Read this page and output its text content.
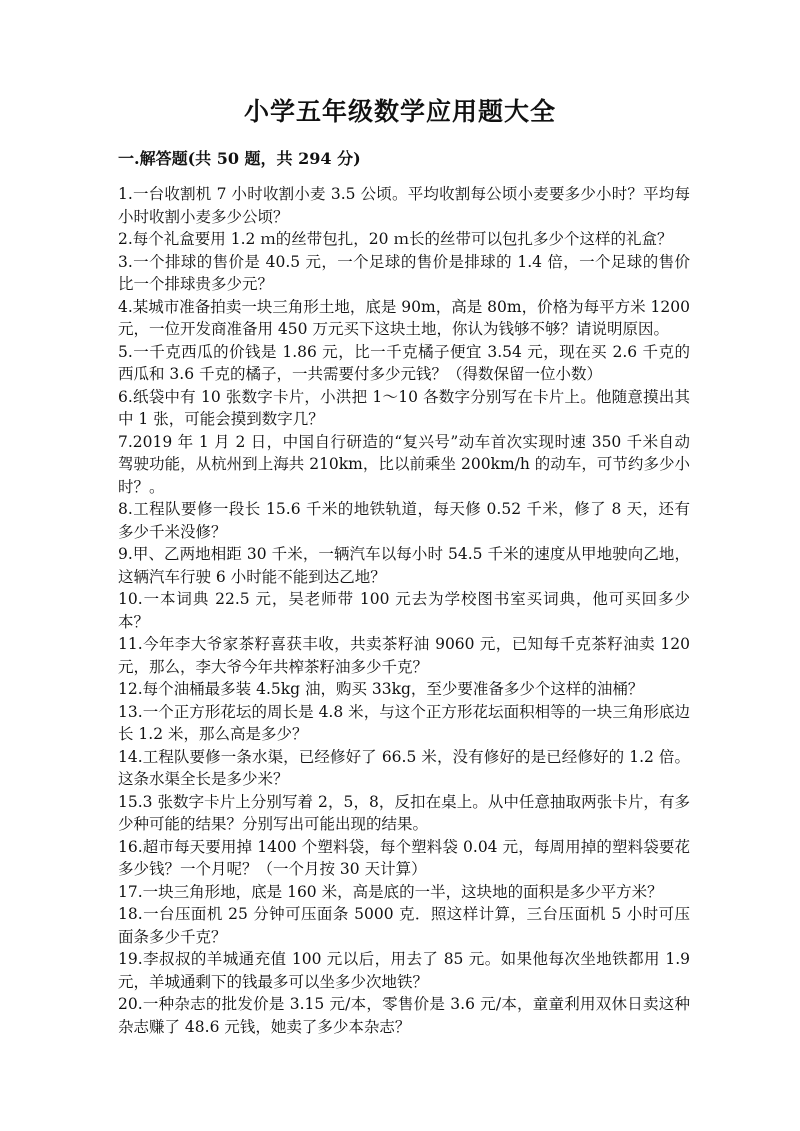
小学五年级数学应用题大全
一.解答题(共 50 题，共 294 分)
1.一台收割机 7 小时收割小麦 3.5 公顷。平均收割每公顷小麦要多少小时？平均每小时收割小麦多少公顷？
2.每个礼盒要用 1.2 ｍ的丝带包扎，20 ｍ长的丝带可以包扎多少个这样的礼盒？
3.一个排球的售价是 40.5 元，一个足球的售价是排球的 1.4 倍，一个足球的售价比一个排球贵多少元？
4.某城市准备拍卖一块三角形土地，底是 90m，高是 80m，价格为每平方米 1200 元，一位开发商准备用 450 万元买下这块土地，你认为钱够不够？请说明原因。
5.一千克西瓜的价钱是 1.86 元，比一千克橘子便宜 3.54 元，现在买 2.6 千克的西瓜和 3.6 千克的橘子，一共需要付多少元钱？（得数保留一位小数）
6.纸袋中有 10 张数字卡片，小洪把 1～10 各数字分别写在卡片上。他随意摸出其中 1 张，可能会摸到数字几？
7.2019 年 1 月 2 日，中国自行研造的“复兴号”动车首次实现时速 350 千米自动驾驶功能，从杭州到上海共 210km，比以前乘坐 200km/h 的动车，可节约多少小时？。
8.工程队要修一段长 15.6 千米的地铁轨道，每天修 0.52 千米，修了 8 天，还有多少千米没修？
9.甲、乙两地相距 30 千米，一辆汽车以每小时 54.5 千米的速度从甲地驶向乙地，这辆汽车行驶 6 小时能不能到达乙地？
10.一本词典 22.5 元，吴老师带 100 元去为学校图书室买词典，他可买回多少本？
11.今年李大爷家茶籽喜获丰收，共卖茶籽油 9060 元，已知每千克茶籽油卖 120 元，那么，李大爷今年共榨茶籽油多少千克？
12.每个油桶最多装 4.5kg 油，购买 33kg，至少要准备多少个这样的油桶？
13.一个正方形花坛的周长是 4.8 米，与这个正方形花坛面积相等的一块三角形底边长 1.2 米，那么高是多少？
14.工程队要修一条水渠，已经修好了 66.5 米，没有修好的是已经修好的 1.2 倍。这条水渠全长是多少米？
15.3 张数字卡片上分别写着 2，5，8，反扣在桌上。从中任意抽取两张卡片，有多少种可能的结果？分别写出可能出现的结果。
16.超市每天要用掉 1400 个塑料袋，每个塑料袋 0.04 元，每周用掉的塑料袋要花多少钱？一个月呢？（一个月按 30 天计算）
17.一块三角形地，底是 160 米，高是底的一半，这块地的面积是多少平方米？
18.一台压面机 25 分钟可压面条 5000 克．照这样计算，三台压面机 5 小时可压面条多少千克？
19.李叔叔的羊城通充值 100 元以后，用去了 85 元。如果他每次坐地铁都用 1.9 元，羊城通剩下的钱最多可以坐多少次地铁？
20.一种杂志的批发价是 3.15 元/本，零售价是 3.6 元/本，童童利用双休日卖这种杂志赚了 48.6 元钱，她卖了多少本杂志？
